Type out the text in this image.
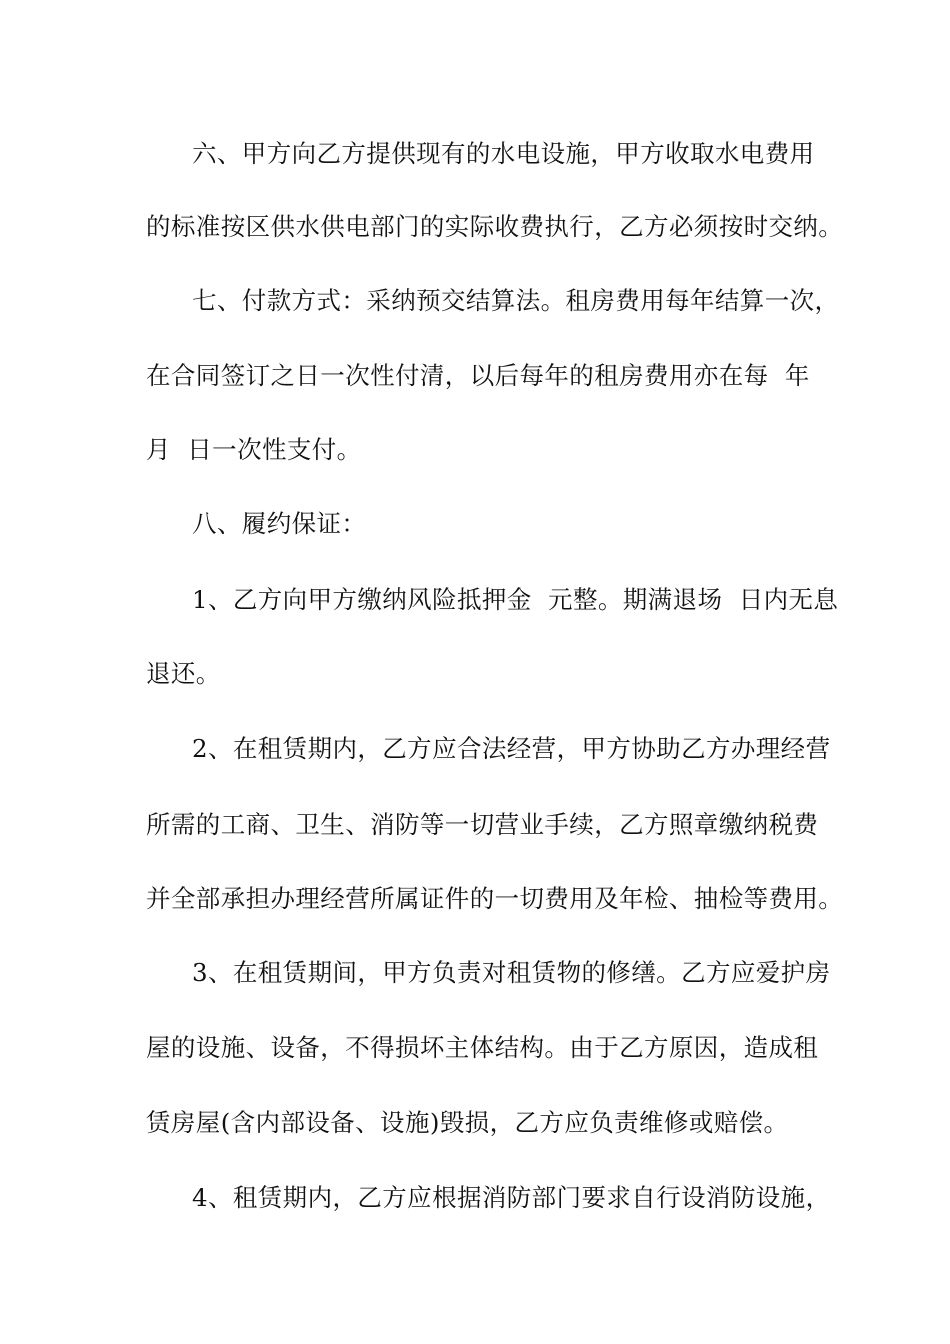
六、甲方向乙方提供现有的水电设施，甲方收取水电费用
的标准按区供水供电部门的实际收费执行，乙方必须按时交纳。
七、付款方式：采纳预交结算法。租房费用每年结算一次，
在合同签订之日一次性付清，以后每年的租房费用亦在每  年
月  日一次性支付。
八、履约保证：
1、乙方向甲方缴纳风险抵押金  元整。期满退场  日内无息
退还。
2、在租赁期内，乙方应合法经营，甲方协助乙方办理经营
所需的工商、卫生、消防等一切营业手续，乙方照章缴纳税费
并全部承担办理经营所属证件的一切费用及年检、抽检等费用。
3、在租赁期间，甲方负责对租赁物的修缮。乙方应爱护房
屋的设施、设备，不得损坏主体结构。由于乙方原因，造成租
赁房屋(含内部设备、设施)毁损，乙方应负责维修或赔偿。
4、租赁期内，乙方应根据消防部门要求自行设消防设施，
